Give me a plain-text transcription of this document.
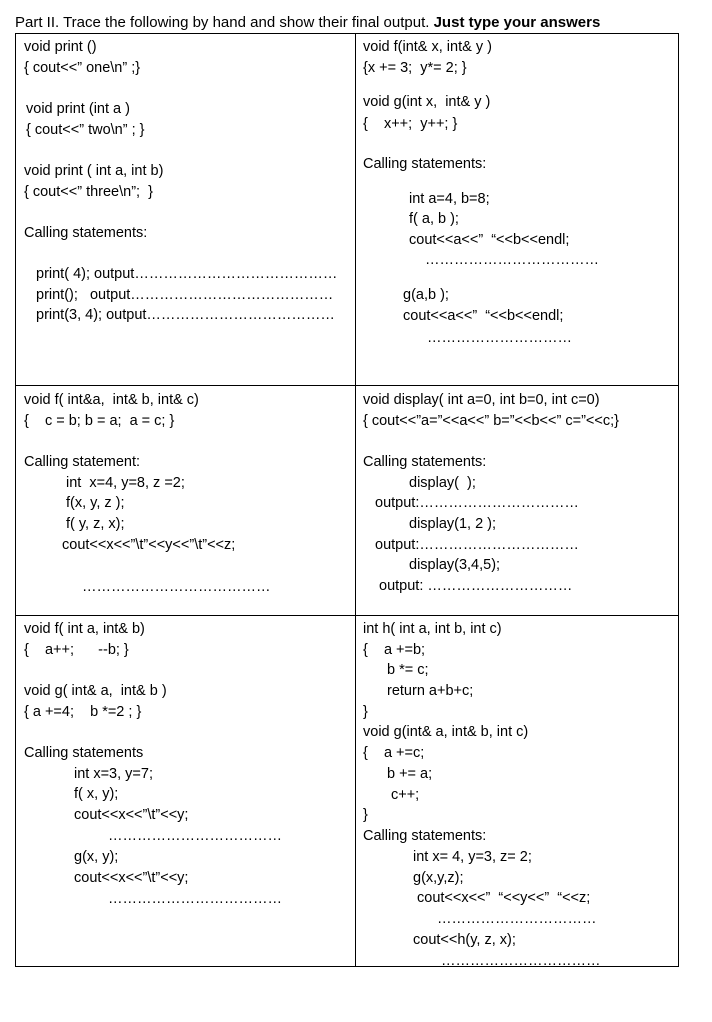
Part II. Trace the following by hand and show their final output. Just type your answers
void print ()
{ cout<<” one\n” ;}
void print (int a )
{ cout<<” two\n” ; }
void print ( int a, int b)
{ cout<<” three\n”;  }
Calling statements:
print( 4); output……………………………………
print();   output……………………………………
print(3, 4); output…………………………………
void f(int& x, int& y )
{x += 3;  y*= 2; }
void g(int x,  int& y )
{    x++;  y++; }
Calling statements:
int a=4, b=8;
f( a, b );
cout<<a<<”  “<<b<<endl;
………………………………
g(a,b );
cout<<a<<”  “<<b<<endl;
…………………………
void f( int&a,  int& b, int& c)
{    c = b; b = a;  a = c; }
Calling statement:
int  x=4, y=8, z =2;
f(x, y, z );
f( y, z, x);
cout<<x<<”\t”<<y<<”\t”<<z;
…………………………………
void display( int a=0, int b=0, int c=0)
{ cout<<”a=”<<a<<” b=”<<b<<” c=”<<c;}
Calling statements:
display(  );
output:……………………………
display(1, 2 );
output:……………………………
display(3,4,5);
output: …………………………
void f( int a, int& b)
{    a++;      --b; }
void g( int& a,  int& b )
{ a +=4;    b *=2 ; }
Calling statements
int x=3, y=7;
f( x, y);
cout<<x<<”\t”<<y;
………………………………
g(x, y);
cout<<x<<”\t”<<y;
………………………………
int h( int a, int b, int c)
{    a +=b;
b *= c;
return a+b+c;
}
void g(int& a, int& b, int c)
{    a +=c;
b += a;
c++;
}
Calling statements:
int x= 4, y=3, z= 2;
g(x,y,z);
cout<<x<<”  “<<y<<”  “<<z;
……………………………
cout<<h(y, z, x);
……………………………
